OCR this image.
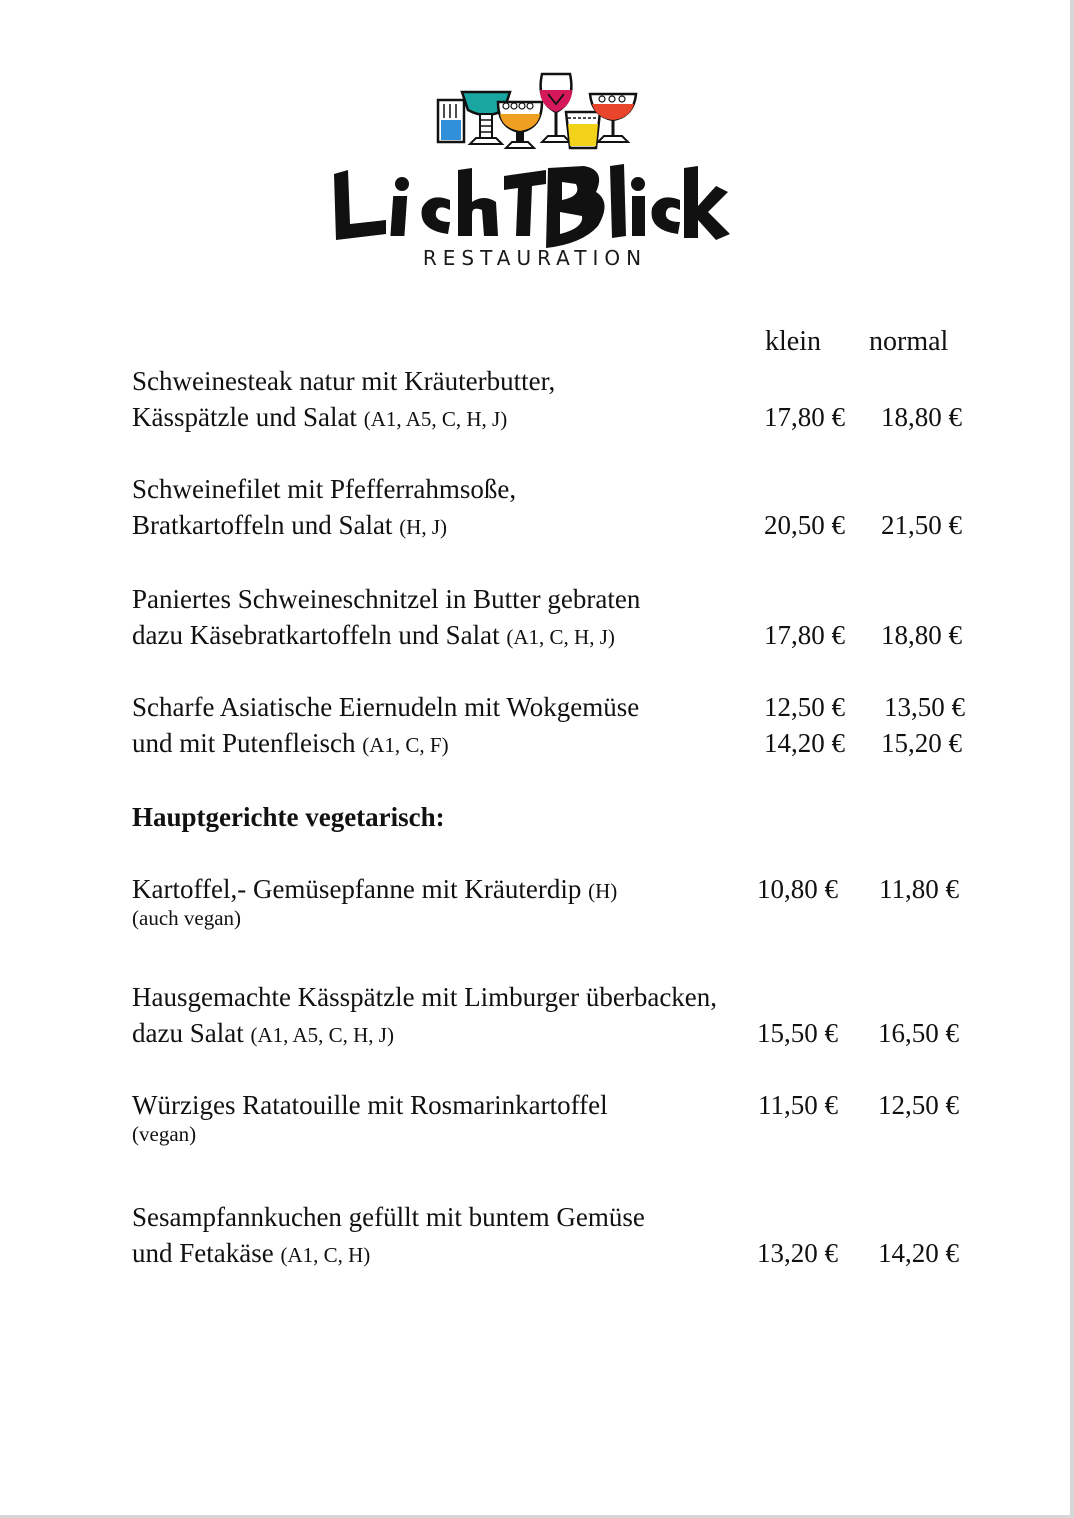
RESTAURATION
klein normal
Schweinesteak natur mit Kräuterbutter,
Kässpätzle und Salat (A1, A5, C, H, J)	17,80 €	18,80 €
Schweinefilet mit Pfefferrahmsoße,
Bratkartoffeln und Salat (H, J)	20,50 €	21,50 €
Paniertes Schweineschnitzel in Butter gebraten
dazu Käsebratkartoffeln und Salat (A1, C, H, J)	17,80 €	18,80 €
Scharfe Asiatische Eiernudeln mit Wokgemüse	12,50 €	13,50 €
und mit Putenfleisch (A1, C, F)	14,20 €	15,20 €
Hauptgerichte vegetarisch:
Kartoffel,- Gemüsepfanne mit Kräuterdip (H)
(auch vegan)
10,80 €	11,80 €
Hausgemachte Kässpätzle mit Limburger überbacken,
dazu Salat (A1, A5, C, H, J)	15,50 €	16,50 €
Würziges Ratatouille mit Rosmarinkartoffel
(vegan)
11,50 €	12,50 €
Sesampfannkuchen gefüllt mit buntem Gemüse
und Fetakäse (A1, C, H)	13,20 €	14,20 €
